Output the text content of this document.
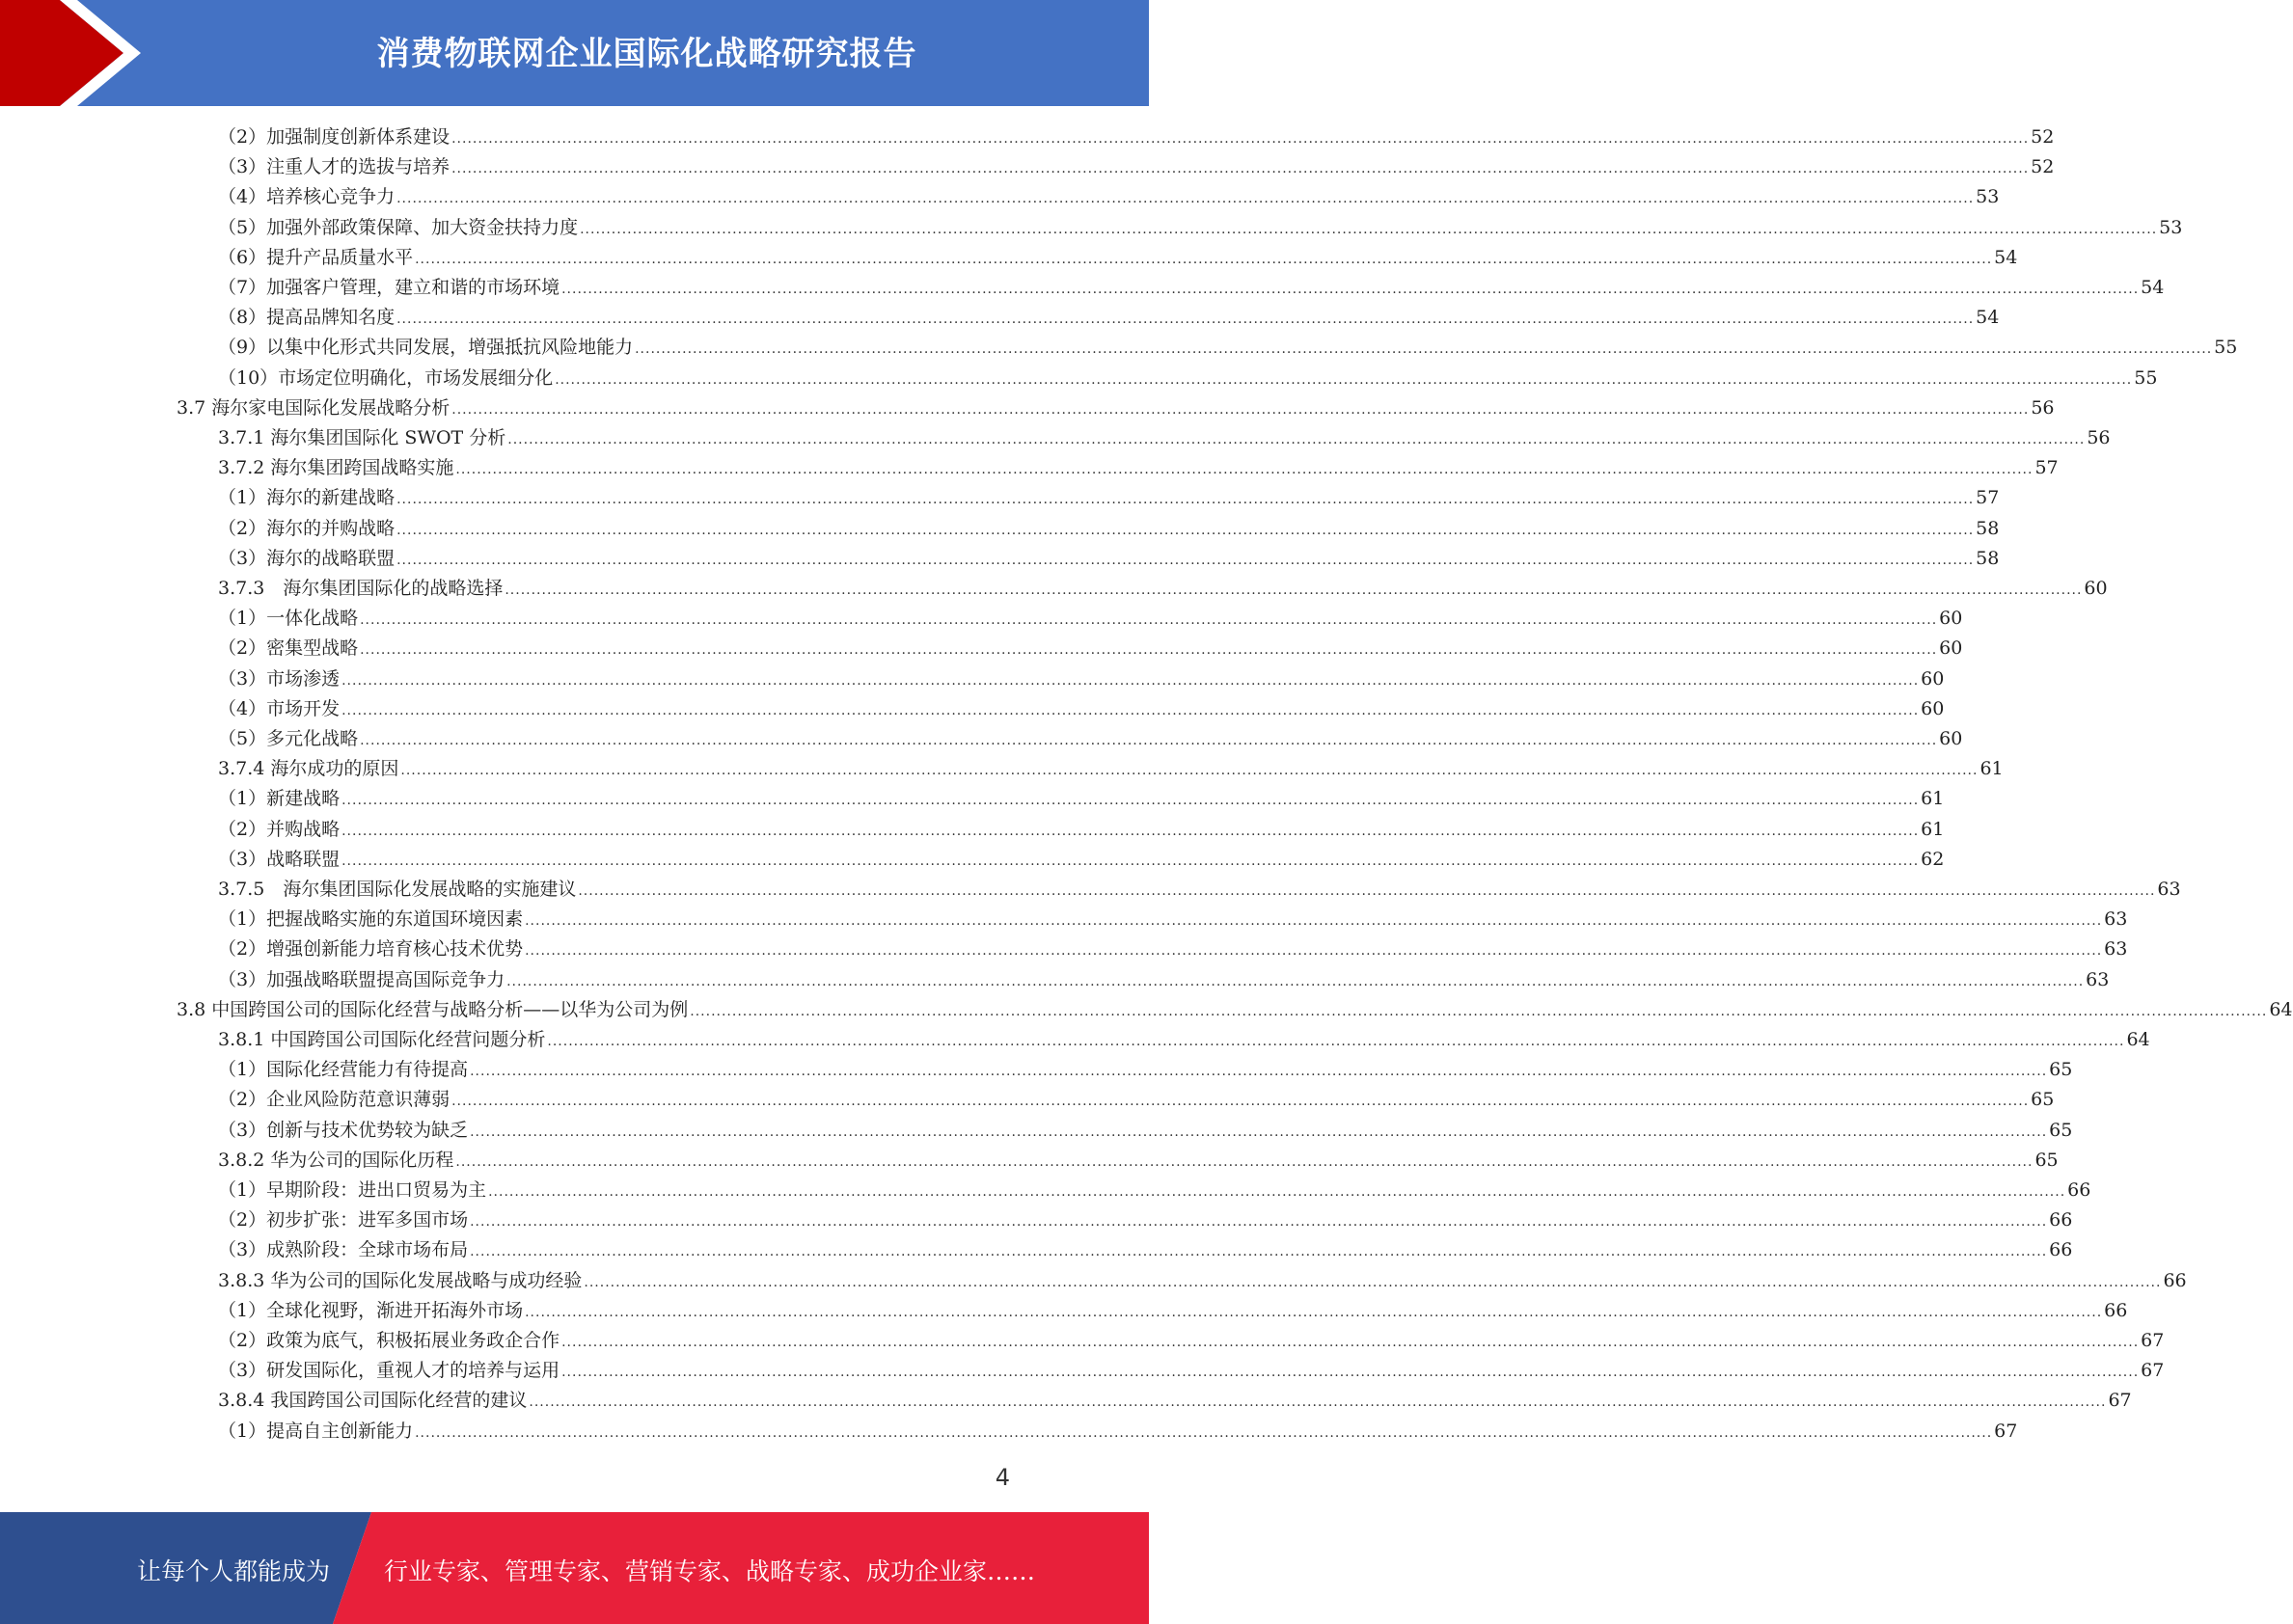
消费物联网企业国际化战略研究报告
（2）加强制度创新体系建设 ............................................................................................................................................................................................................................................................................................................ 52
（3）注重人才的选拔与培养 ............................................................................................................................................................................................................................................................................................................ 52
（4）培养核心竞争力 ............................................................................................................................................................................................................................................................................................................ 53
（5）加强外部政策保障、加大资金扶持力度 ............................................................................................................................................................................................................................................................................................................ 53
（6）提升产品质量水平 ............................................................................................................................................................................................................................................................................................................ 54
（7）加强客户管理，建立和谐的市场环境 ............................................................................................................................................................................................................................................................................................................ 54
（8）提高品牌知名度 ............................................................................................................................................................................................................................................................................................................ 54
（9）以集中化形式共同发展，增强抵抗风险地能力 ............................................................................................................................................................................................................................................................................................................ 55
（10）市场定位明确化，市场发展细分化 ............................................................................................................................................................................................................................................................................................................ 55
3.7 海尔家电国际化发展战略分析 ............................................................................................................................................................................................................................................................................................................ 56
3.7.1 海尔集团国际化 SWOT 分析 ............................................................................................................................................................................................................................................................................................................ 56
3.7.2 海尔集团跨国战略实施 ............................................................................................................................................................................................................................................................................................................ 57
（1）海尔的新建战略 ............................................................................................................................................................................................................................................................................................................ 57
（2）海尔的并购战略 ............................................................................................................................................................................................................................................................................................................ 58
（3）海尔的战略联盟 ............................................................................................................................................................................................................................................................................................................ 58
3.7.3　海尔集团国际化的战略选择 ............................................................................................................................................................................................................................................................................................................ 60
（1）一体化战略 ............................................................................................................................................................................................................................................................................................................ 60
（2）密集型战略 ............................................................................................................................................................................................................................................................................................................ 60
（3）市场渗透 ............................................................................................................................................................................................................................................................................................................ 60
（4）市场开发 ............................................................................................................................................................................................................................................................................................................ 60
（5）多元化战略 ............................................................................................................................................................................................................................................................................................................ 60
3.7.4 海尔成功的原因 ............................................................................................................................................................................................................................................................................................................ 61
（1）新建战略 ............................................................................................................................................................................................................................................................................................................ 61
（2）并购战略 ............................................................................................................................................................................................................................................................................................................ 61
（3）战略联盟 ............................................................................................................................................................................................................................................................................................................ 62
3.7.5　海尔集团国际化发展战略的实施建议 ............................................................................................................................................................................................................................................................................................................ 63
（1）把握战略实施的东道国环境因素 ............................................................................................................................................................................................................................................................................................................ 63
（2）增强创新能力培育核心技术优势 ............................................................................................................................................................................................................................................................................................................ 63
（3）加强战略联盟提高国际竞争力 ............................................................................................................................................................................................................................................................................................................ 63
3.8 中国跨国公司的国际化经营与战略分析——以华为公司为例 ............................................................................................................................................................................................................................................................................................................ 64
3.8.1 中国跨国公司国际化经营问题分析 ............................................................................................................................................................................................................................................................................................................ 64
（1）国际化经营能力有待提高 ............................................................................................................................................................................................................................................................................................................ 65
（2）企业风险防范意识薄弱 ............................................................................................................................................................................................................................................................................................................ 65
（3）创新与技术优势较为缺乏 ............................................................................................................................................................................................................................................................................................................ 65
3.8.2 华为公司的国际化历程 ............................................................................................................................................................................................................................................................................................................ 65
（1）早期阶段：进出口贸易为主 ............................................................................................................................................................................................................................................................................................................ 66
（2）初步扩张：进军多国市场 ............................................................................................................................................................................................................................................................................................................ 66
（3）成熟阶段：全球市场布局 ............................................................................................................................................................................................................................................................................................................ 66
3.8.3 华为公司的国际化发展战略与成功经验 ............................................................................................................................................................................................................................................................................................................ 66
（1）全球化视野，渐进开拓海外市场 ............................................................................................................................................................................................................................................................................................................ 66
（2）政策为底气，积极拓展业务政企合作 ............................................................................................................................................................................................................................................................................................................ 67
（3）研发国际化，重视人才的培养与运用 ............................................................................................................................................................................................................................................................................................................ 67
3.8.4 我国跨国公司国际化经营的建议 ............................................................................................................................................................................................................................................................................................................ 67
（1）提高自主创新能力 ............................................................................................................................................................................................................................................................................................................ 67
4
让每个人都能成为 行业专家、管理专家、营销专家、战略专家、成功企业家……
